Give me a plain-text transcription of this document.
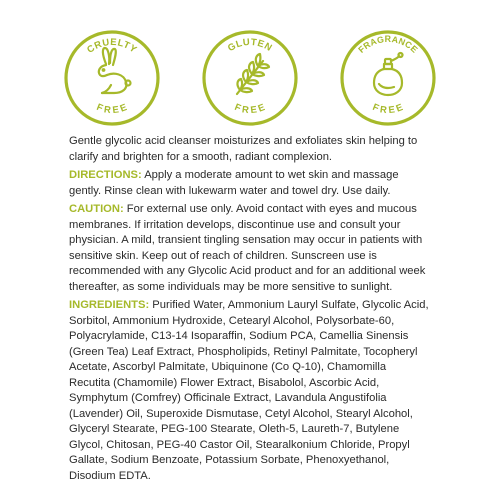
CRUELTY
FREE
GLUTEN
FREE
FRAGRANCE
FREE

Gentle glycolic acid cleanser moisturizes and exfoliates skin helping to clarify and brighten for a smooth, radiant complexion.

DIRECTIONS: Apply a moderate amount to wet skin and massage gently. Rinse clean with lukewarm water and towel dry. Use daily.

CAUTION: For external use only. Avoid contact with eyes and mucous membranes. If irritation develops, discontinue use and consult your physician. A mild, transient tingling sensation may occur in patients with sensitive skin. Keep out of reach of children. Sunscreen use is recommended with any Glycolic Acid product and for an additional week thereafter, as some individuals may be more sensitive to sunlight.

INGREDIENTS: Purified Water, Ammonium Lauryl Sulfate, Glycolic Acid, Sorbitol, Ammonium Hydroxide, Cetearyl Alcohol, Polysorbate-60, Polyacrylamide, C13-14 Isoparaffin, Sodium PCA, Camellia Sinensis (Green Tea) Leaf Extract, Phospholipids, Retinyl Palmitate, Tocopheryl Acetate, Ascorbyl Palmitate, Ubiquinone (Co Q-10), Chamomilla Recutita (Chamomile) Flower Extract, Bisabolol, Ascorbic Acid, Symphytum (Comfrey) Officinale Extract, Lavandula Angustifolia (Lavender) Oil, Superoxide Dismutase, Cetyl Alcohol, Stearyl Alcohol, Glyceryl Stearate, PEG-100 Stearate, Oleth-5, Laureth-7, Butylene Glycol, Chitosan, PEG-40 Castor Oil, Stearalkonium Chloride, Propyl Gallate, Sodium Benzoate, Potassium Sorbate, Phenoxyethanol, Disodium EDTA.
